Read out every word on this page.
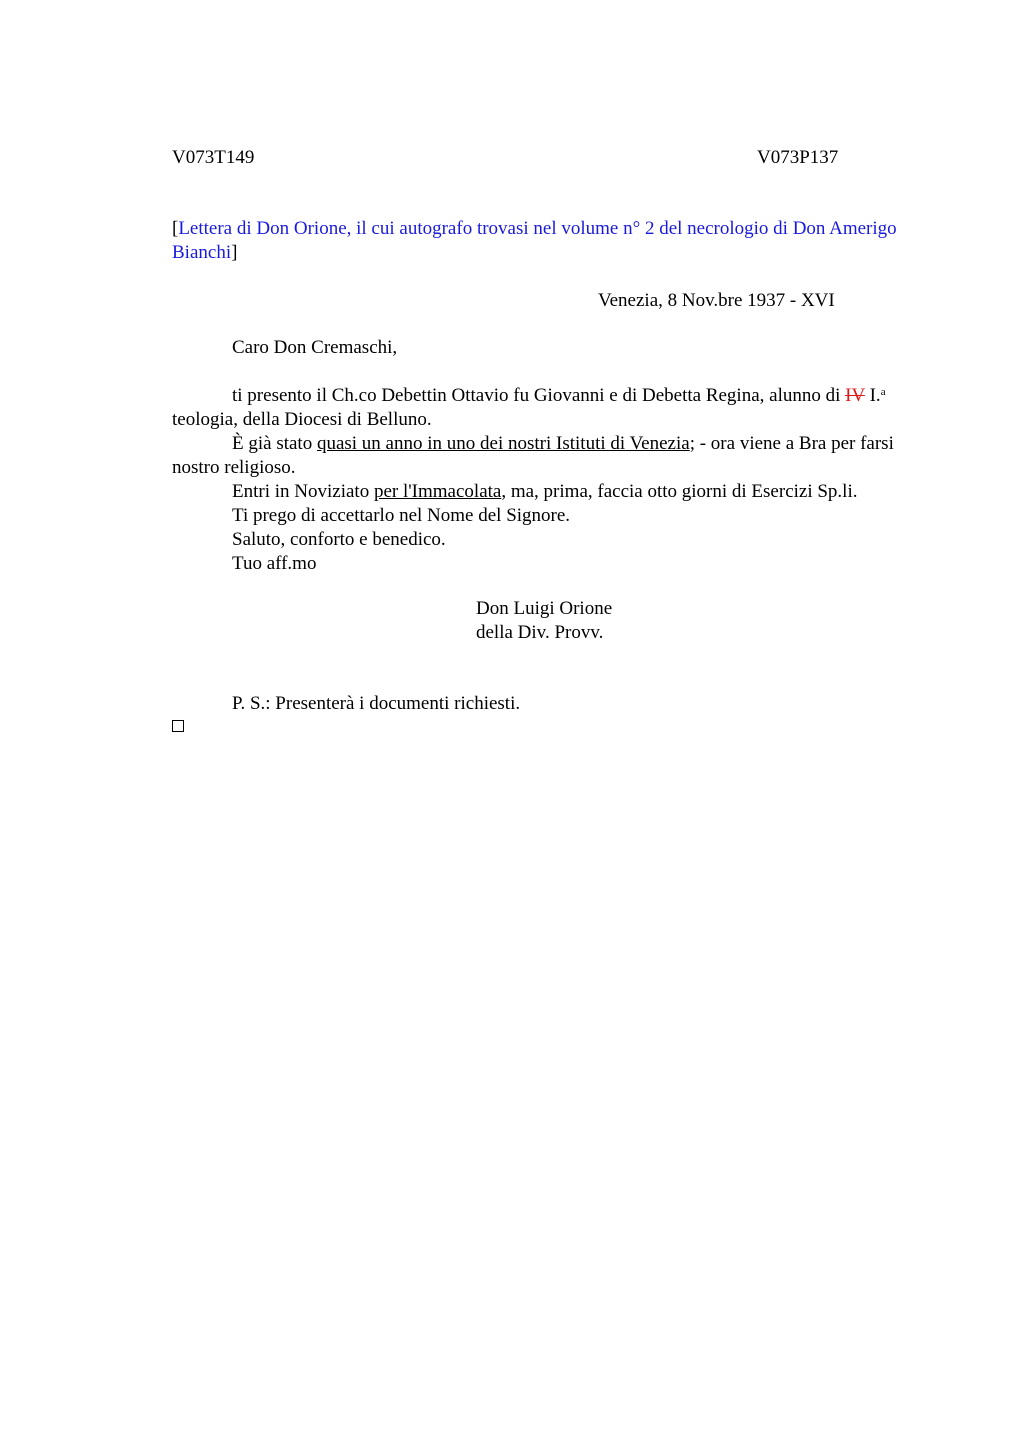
V073T149	V073P137
[Lettera di Don Orione, il cui autografo trovasi nel volume n° 2 del necrologio di Don Amerigo Bianchi]
Venezia, 8 Nov.bre 1937 - XVI

Caro Don Cremaschi,

ti presento il Ch.co Debettin Ottavio fu Giovanni e di Debetta Regina, alunno di IV I.$^a$ teologia, della Diocesi di Belluno.

È già stato quasi un anno in uno dei nostri Istituti di Venezia; - ora viene a Bra per farsi nostro religioso.

Entri in Noviziato per l'Immacolata, ma, prima, faccia otto giorni di Esercizi Sp.li.

Ti prego di accettarlo nel Nome del Signore.

Saluto, conforto e benedico.

Tuo aff.mo

Don Luigi Orione
della Div. Provv.
P. S.: Presenterà i documenti richiesti.
